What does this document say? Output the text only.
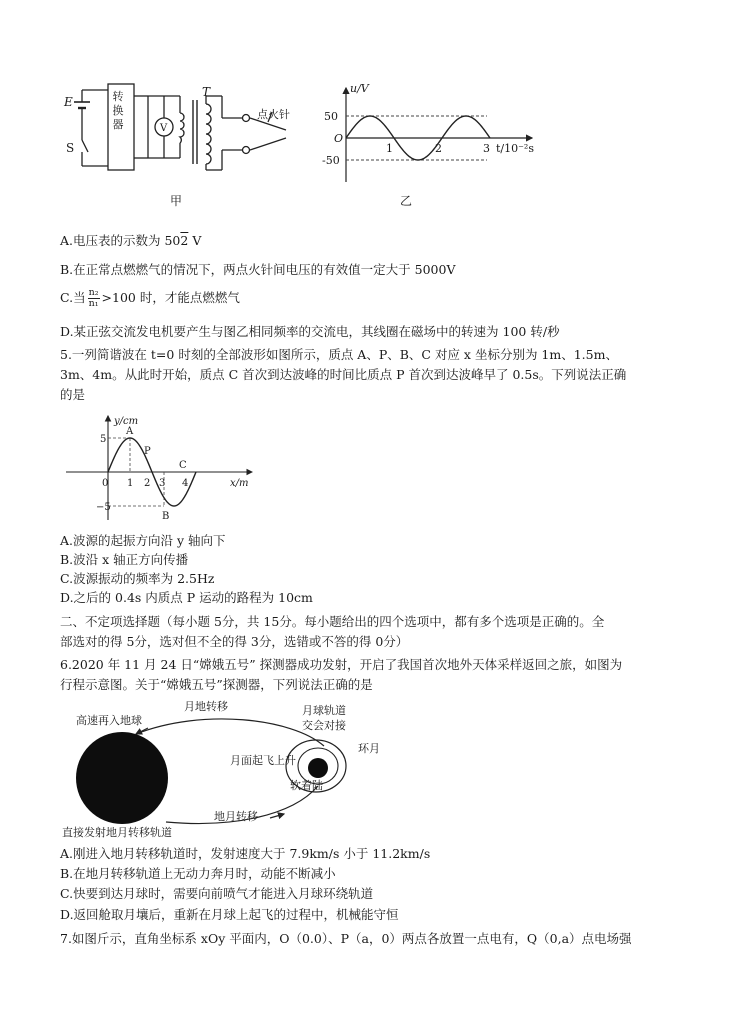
E
S
T
V
点火针
甲
转换器
O
50
-50
u/V
1	2	3 t/10⁻²s
乙
A.电压表的示数为 502 V
B.在正常点燃燃气的情况下，两点火针间电压的有效值一定大于 5000V
C.当 $\frac{\text{n₂}}{\text{n₁}} >100$ 时，才能点燃燃气
D.某正弦交流发电机要产生与图乙相同频率的交流电，其线圈在磁场中的转速为 100 转/秒
5.一列简谐波在 t=0 时刻的全部波形如图所示，质点 A、P、B、C 对应 x 坐标分别为 1m、1.5m、
3m、4m。从此时开始，质点 C 首次到达波峰的时间比质点 P 首次到达波峰早了 0.5s。下列说法正确
的是
y/cm
x/m
5
−5
0 1 2 3 4
A
P
B
C
A.波源的起振方向沿 y 轴向下
B.波沿 x 轴正方向传播
C.波源振动的频率为 2.5Hz
D.之后的 0.4s 内质点 P 运动的路程为 10cm
二、不定项选择题（每小题 5分，共 15分。每小题给出的四个选项中，都有多个选项是正确的。全
部选对的得 5分，选对但不全的得 3分，选错或不答的得 0分）
6.2020 年 11 月 24 日“嫦娥五号” 探测器成功发射，开启了我国首次地外天体采样返回之旅，如图为
行程示意图。关于“嫦娥五号”探测器，下列说法正确的是
高速再入地球
月地转移	月球轨道
交会对接
环月
月面起飞上升
软着陆
地月转移
直接发射地月转移轨道
A.刚进入地月转移轨道时，发射速度大于 7.9km/s 小于 11.2km/s
B.在地月转移轨道上无动力奔月时，动能不断减小
C.快要到达月球时，需要向前喷气才能进入月球环绕轨道
D.返回舱取月壤后，重新在月球上起飞的过程中，机械能守恒
7.如图斤示，直角坐标系 xOy 平面内，O（0.0）、P（a，0）两点各放置一点电有，Q（0,a）点电场强
